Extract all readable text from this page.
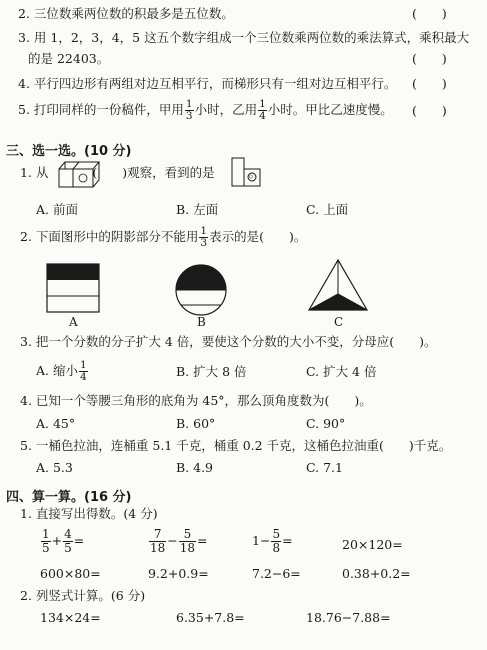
2. 三位数乘两位数的积最多是五位数。	(　　)
3. 用 1，2，3，4，5 这五个数字组成一个三位数乘两位数的乘法算式，乘积最大
的是 22403。	(　　)
4. 平行四边形有两组对边互相平行，而梯形只有一组对边互相平行。 (　　)
5. 打印同样的一份稿件，甲用 $\frac{1}{3}$ 小时，乙用 $\frac{1}{4}$ 小时。甲比乙速度慢。 (　　)
三、选一选。(10 分)
1. 从	(　　)观察，看到的是	。
A. 前面	B. 左面	C. 上面
2. 下面图形中的阴影部分不能用 $\frac{1}{3}$ 表示的是(　　)。
A	B	C
3. 把一个分数的分子扩大 4 倍，要使这个分数的大小不变，分母应(　　)。
A. 缩小 $\frac{1}{4}$	B. 扩大 8 倍	C. 扩大 4 倍
4. 已知一个等腰三角形的底角为 45°，那么顶角度数为(　　)。
A. 45°	B. 60°	C. 90°
5. 一桶色拉油，连桶重 5.1 千克，桶重 0.2 千克，这桶色拉油重(　　)千克。
A. 5.3	B. 4.9	C. 7.1
四、算一算。(16 分)
1. 直接写出得数。(4 分)
$\frac{1}{5} + \frac{4}{5}$ =	$\frac{7}{18} - \frac{5}{18}$ =	$1- \frac{5}{8}$ =	20×120=
600×80=	9.2+0.9=	7.2−6=	0.38+0.2=
2. 列竖式计算。(6 分)
134×24=	6.35+7.8=	18.76−7.88=
